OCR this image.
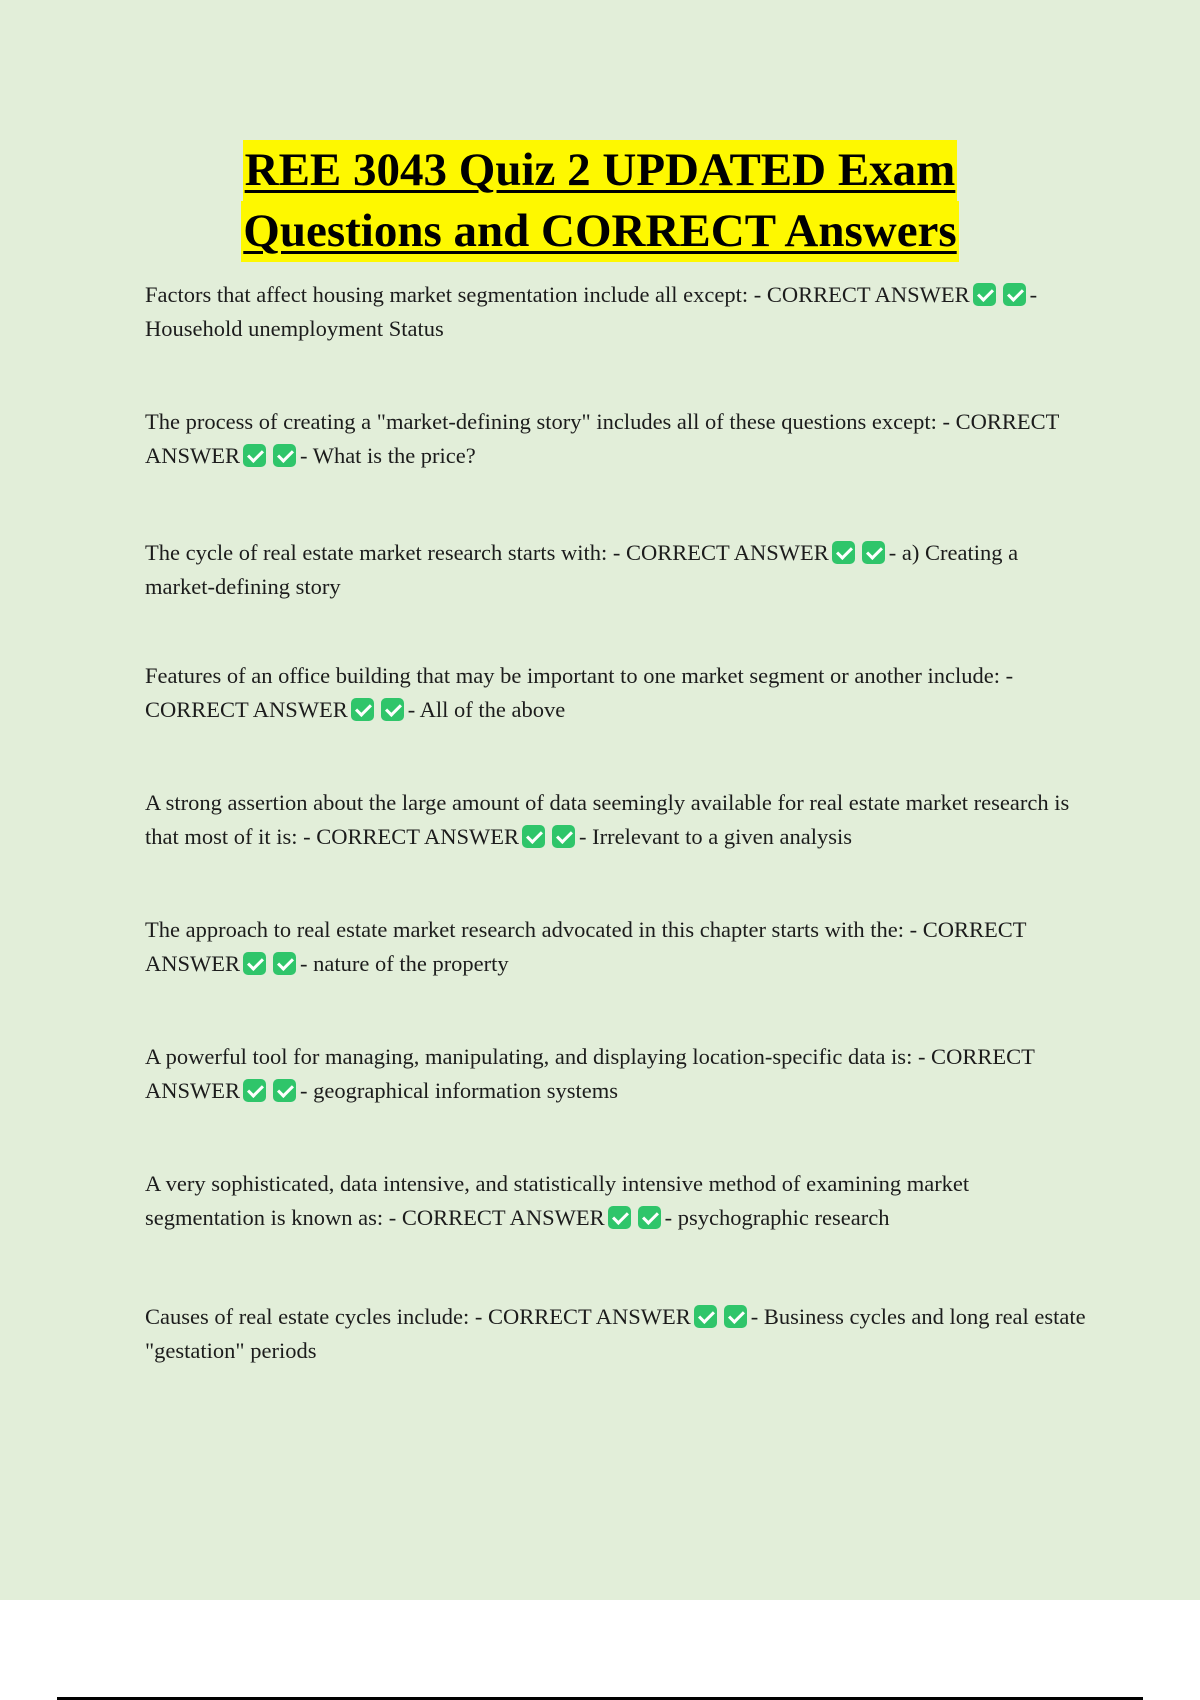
REE 3043 Quiz 2 UPDATED Exam
Questions and CORRECT Answers
Factors that affect housing market segmentation include all except: - CORRECT ANSWER	- Household unemployment Status
The process of creating a "market-defining story" includes all of these questions except: - CORRECT ANSWER	- What is the price?
The cycle of real estate market research starts with: - CORRECT ANSWER	- a) Creating a market-defining story
Features of an office building that may be important to one market segment or another include: - CORRECT ANSWER	- All of the above
A strong assertion about the large amount of data seemingly available for real estate market research is that most of it is: - CORRECT ANSWER	- Irrelevant to a given analysis
The approach to real estate market research advocated in this chapter starts with the: - CORRECT ANSWER	- nature of the property
A powerful tool for managing, manipulating, and displaying location-specific data is: - CORRECT ANSWER	- geographical information systems
A very sophisticated, data intensive, and statistically intensive method of examining market segmentation is known as: - CORRECT ANSWER	- psychographic research
Causes of real estate cycles include: - CORRECT ANSWER	- Business cycles and long real estate "gestation" periods
